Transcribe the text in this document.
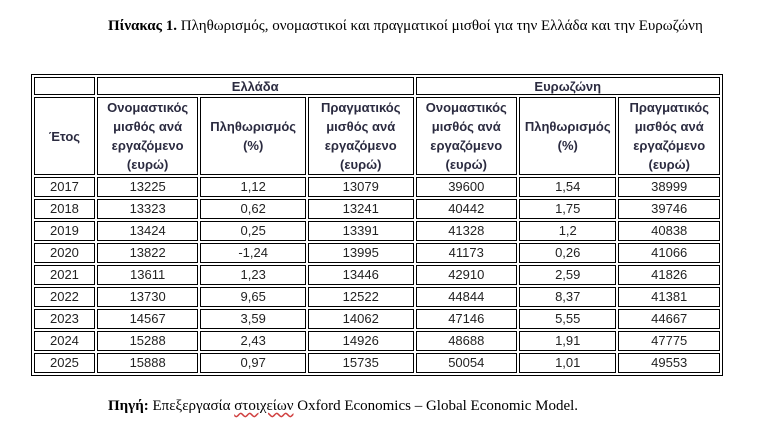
Πίνακας 1. Πληθωρισμός, ονομαστικοί και πραγματικοί μισθοί για την Ελλάδα και την Ευρωζώνη
	Ελλάδα			Ευρωζώνη		
Έτος	Ονομαστικός μισθός ανά εργαζόμενο (ευρώ)	Πληθωρισμός (%)	Πραγματικός μισθός ανά εργαζόμενο (ευρώ)	Ονομαστικός μισθός ανά εργαζόμενο (ευρώ)	Πληθωρισμός (%)	Πραγματικός μισθός ανά εργαζόμενο (ευρώ)
2017	13225	1,12	13079	39600	1,54	38999
2018	13323	0,62	13241	40442	1,75	39746
2019	13424	0,25	13391	41328	1,2	40838
2020	13822	-1,24	13995	41173	0,26	41066
2021	13611	1,23	13446	42910	2,59	41826
2022	13730	9,65	12522	44844	8,37	41381
2023	14567	3,59	14062	47146	5,55	44667
2024	15288	2,43	14926	48688	1,91	47775
2025	15888	0,97	15735	50054	1,01	49553
Πηγή: Επεξεργασία στοιχείων Oxford Economics – Global Economic Model.
